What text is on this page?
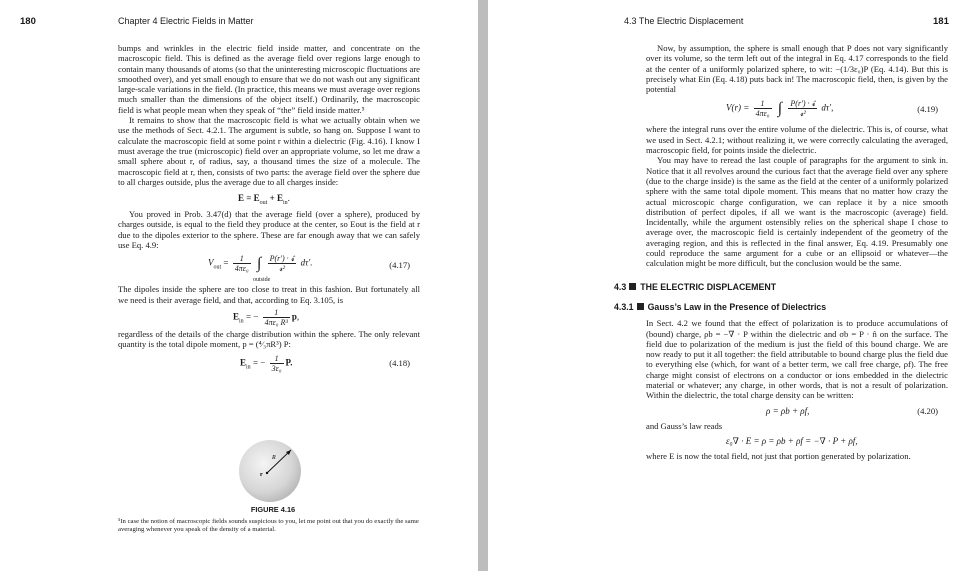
180	Chapter 4 Electric Fields in Matter

bumps and wrinkles in the electric field inside matter, and concentrate on the macroscopic field. This is defined as the average field over regions large enough to contain many thousands of atoms (so that the uninteresting microscopic fluctuations are smoothed over), and yet small enough to ensure that we do not wash out any significant large-scale variations in the field. (In practice, this means we must average over regions much smaller than the dimensions of the object itself.) Ordinarily, the macroscopic field is what people mean when they speak of “the” field inside matter.⁵

It remains to show that the macroscopic field is what we actually obtain when we use the methods of Sect. 4.2.1. The argument is subtle, so hang on. Suppose I want to calculate the macroscopic field at some point r within a dielectric (Fig. 4.16). I know I must average the true (microscopic) field over an appropriate volume, so let me draw a small sphere about r, of radius, say, a thousand times the size of a molecule. The macroscopic field at r, then, consists of two parts: the average field over the sphere due to all charges outside, plus the average due to all charges inside:

$E = E_{out} + E_{in}$.

You proved in Prob. 3.47(d) that the average field (over a sphere), produced by charges outside, is equal to the field they produce at the center, so Eout is the field at r due to the dipoles exterior to the sphere. These are far enough away that we can safely use Eq. 4.9:

$V_{out} = \frac{1}{\text{4πε₀}}$ ∫ $\frac{\text{P(r′) · 𝓻̂}}{\text{𝓻²}} d\tau'$.
outside
(4.17)

The dipoles inside the sphere are too close to treat in this fashion. But fortunately all we need is their average field, and that, according to Eq. 3.105, is

$E_{in}$ = − $\frac{1}{\text{4πε₀ R³}} p$,

regardless of the details of the charge distribution within the sphere. The only relevant quantity is the total dipole moment, p = (⁴⁄₃πR³) P:

$E_{in}$ = − $\frac{1}{\text{3ε₀}} P$.	(4.18)
r
R
FIGURE 4.16
⁵In case the notion of macroscopic fields sounds suspicious to you, let me point out that you do exactly the same averaging whenever you speak of the density of a material.
4.3 The Electric Displacement	181

Now, by assumption, the sphere is small enough that P does not vary significantly over its volume, so the term left out of the integral in Eq. 4.17 corresponds to the field at the center of a uniformly polarized sphere, to wit: −(1/3ε₀)P (Eq. 4.14). But this is precisely what Ein (Eq. 4.18) puts back in! The macroscopic field, then, is given by the potential

$V(r) = \frac{1}{\text{4πε₀}}$ ∫ $\frac{\text{P(r′) · 𝓻̂}}{\text{𝓻²}} d\tau'$,	(4.19)

where the integral runs over the entire volume of the dielectric. This is, of course, what we used in Sect. 4.2.1; without realizing it, we were correctly calculating the averaged, macroscopic field, for points inside the dielectric.

You may have to reread the last couple of paragraphs for the argument to sink in. Notice that it all revolves around the curious fact that the average field over any sphere (due to the charge inside) is the same as the field at the center of a uniformly polarized sphere with the same total dipole moment. This means that no matter how crazy the actual microscopic charge configuration, we can replace it by a nice smooth distribution of perfect dipoles, if all we want is the macroscopic (average) field. Incidentally, while the argument ostensibly relies on the spherical shape I chose to average over, the macroscopic field is certainly independent of the geometry of the averaging region, and this is reflected in the final answer, Eq. 4.19. Presumably one could reproduce the same argument for a cube or an ellipsoid or whatever—the calculation might be more difficult, but the conclusion would be the same.

4.3 THE ELECTRIC DISPLACEMENT
4.3.1 Gauss’s Law in the Presence of Dielectrics

In Sect. 4.2 we found that the effect of polarization is to produce accumulations of (bound) charge, ρb = −∇ · P within the dielectric and σb = P · n̂ on the surface. The field due to polarization of the medium is just the field of this bound charge. We are now ready to put it all together: the field attributable to bound charge plus the field due to everything else (which, for want of a better term, we call free charge, ρf). The free charge might consist of electrons on a conductor or ions embedded in the dielectric material or whatever; any charge, in other words, that is not a result of polarization. Within the dielectric, the total charge density can be written:

ρ = ρb + ρf,	(4.20)

and Gauss’s law reads

ε₀∇ · E = ρ = ρb + ρf = −∇ · P + ρf,

where E is now the total field, not just that portion generated by polarization.
